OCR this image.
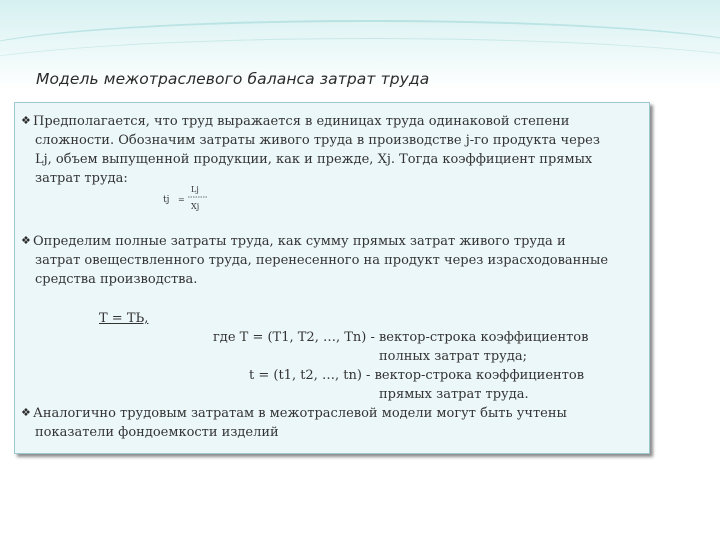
Модель межотраслевого баланса затрат труда
❖ Предполагается, что труд выражается в единицах труда одинаковой степени
сложности. Обозначим затраты живого труда в производстве j-го продукта через
Lj, объем выпущенной продукции, как и прежде, Xj. Тогда коэффициент прямых
затрат труда:
tj =
Lj
Xj
❖ Определим полные затраты труда, как сумму прямых затрат живого труда и
затрат овеществленного труда, перенесенного на продукт через израсходованные
средства производства.
T = TЬ,
где T = (T1, T2, …, Tn) - вектор-строка коэффициентов
полных затрат труда;
t = (t1, t2, …, tn) - вектор-строка коэффициентов
прямых затрат труда.
❖ Аналогично трудовым затратам в межотраслевой модели могут быть учтены
показатели фондоемкости изделий
